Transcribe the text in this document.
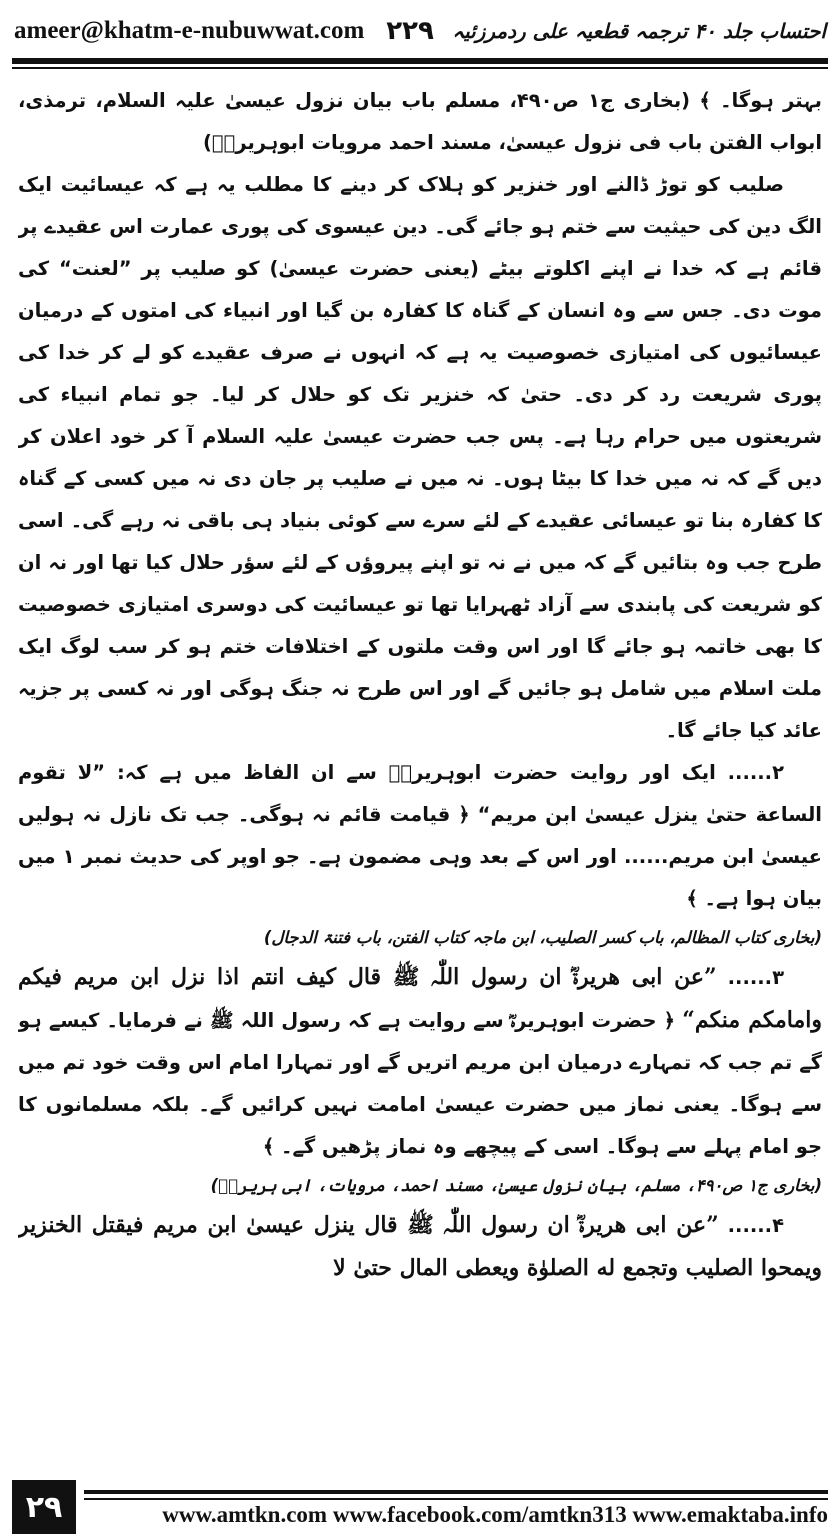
ameer@khatm-e-nubuwwat.com ۲۲۹ احتساب جلد ۴۰ ترجمہ قطعیہ علی ردمرزئیہ

بہتر ہوگا۔ ﴾ (بخاری ج۱ ص۴۹۰، مسلم باب بیان نزول عیسیٰ علیہ السلام، ترمذی، ابواب الفتن باب فی نزول عیسیٰ، مسند احمد مرویات ابوہریرہؓ)

صلیب کو توڑ ڈالنے اور خنزیر کو ہلاک کر دینے کا مطلب یہ ہے کہ عیسائیت ایک الگ دین کی حیثیت سے ختم ہو جائے گی۔ دین عیسوی کی پوری عمارت اس عقیدے پر قائم ہے کہ خدا نے اپنے اکلوتے بیٹے (یعنی حضرت عیسیٰ) کو صلیب پر ”لعنت“ کی موت دی۔ جس سے وہ انسان کے گناہ کا کفارہ بن گیا اور انبیاء کی امتوں کے درمیان عیسائیوں کی امتیازی خصوصیت یہ ہے کہ انہوں نے صرف عقیدے کو لے کر خدا کی پوری شریعت رد کر دی۔ حتیٰ کہ خنزیر تک کو حلال کر لیا۔ جو تمام انبیاء کی شریعتوں میں حرام رہا ہے۔ پس جب حضرت عیسیٰ علیہ السلام آ کر خود اعلان کر دیں گے کہ نہ میں خدا کا بیٹا ہوں۔ نہ میں نے صلیب پر جان دی نہ میں کسی کے گناہ کا کفارہ بنا تو عیسائی عقیدے کے لئے سرے سے کوئی بنیاد ہی باقی نہ رہے گی۔ اسی طرح جب وہ بتائیں گے کہ میں نے نہ تو اپنے پیروؤں کے لئے سؤر حلال کیا تھا اور نہ ان کو شریعت کی پابندی سے آزاد ٹھہرایا تھا تو عیسائیت کی دوسری امتیازی خصوصیت کا بھی خاتمہ ہو جائے گا اور اس وقت ملتوں کے اختلافات ختم ہو کر سب لوگ ایک ملت اسلام میں شامل ہو جائیں گے اور اس طرح نہ جنگ ہوگی اور نہ کسی پر جزیہ عائد کیا جائے گا۔

۲...... ایک اور روایت حضرت ابوہریرہؓ سے ان الفاظ میں ہے کہ: ”لا تقوم الساعة حتیٰ ینزل عیسیٰ ابن مریم“ ﴿ قیامت قائم نہ ہوگی۔ جب تک نازل نہ ہولیں عیسیٰ ابن مریم...... اور اس کے بعد وہی مضمون ہے۔ جو اوپر کی حدیث نمبر ۱ میں بیان ہوا ہے۔ ﴾

(بخاری کتاب المظالم، باب کسر الصلیب، ابن ماجہ کتاب الفتن، باب فتنۃ الدجال)

۳...... ”عن ابی ھریرةؓ ان رسول اللّٰہ ﷺ قال کیف انتم اذا نزل ابن مریم فیکم وامامکم منکم“ ﴿ حضرت ابوہریرہؓ سے روایت ہے کہ رسول اللہ ﷺ نے فرمایا۔ کیسے ہو گے تم جب کہ تمہارے درمیان ابن مریم اتریں گے اور تمہارا امام اس وقت خود تم میں سے ہوگا۔ یعنی نماز میں حضرت عیسیٰ امامت نہیں کرائیں گے۔ بلکہ مسلمانوں کا جو امام پہلے سے ہوگا۔ اسی کے پیچھے وہ نماز پڑھیں گے۔ ﴾

(بخاری ج۱ ص۴۹۰، مسلم، بیان نزول عیسیٰ، مسند احمد، مرویات، ابی ہریرہؓ)

۴...... ”عن ابی ھریرةؓ ان رسول اللّٰہ ﷺ قال ینزل عیسیٰ ابن مریم فیقتل الخنزیر ویمحوا الصلیب وتجمع له الصلوٰة ویعطی المال حتیٰ لا

۲۹	www.amtkn.com www.facebook.com/amtkn313 www.emaktaba.info
